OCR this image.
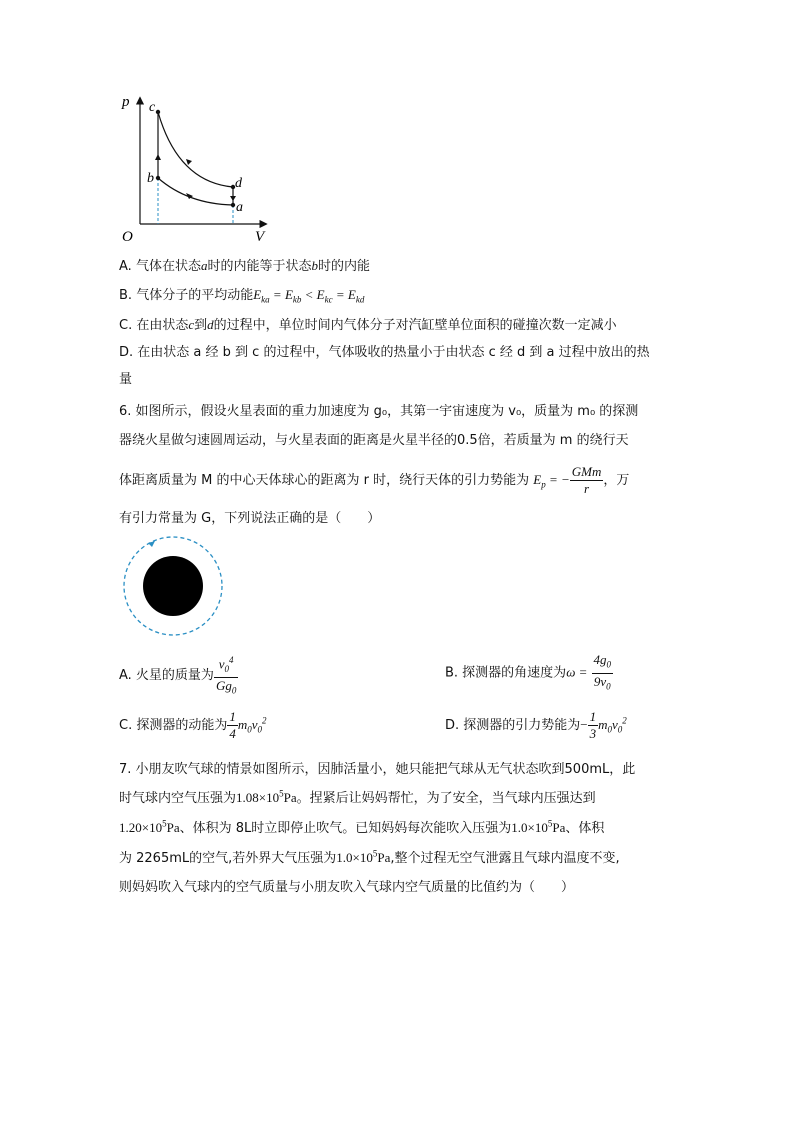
p
V
O
c
b	d
a
A. 气体在状态a时的内能等于状态b时的内能
B. 气体分子的平均动能$E_{ka} = E_{kb} < E_{kc} = E_{kd}$
C. 在由状态c到d的过程中，单位时间内气体分子对汽缸壁单位面积的碰撞次数一定减小
D. 在由状态 a 经 b 到 c 的过程中，气体吸收的热量小于由状态 c 经 d 到 a 过程中放出的热
量
6. 如图所示，假设火星表面的重力加速度为 g₀，其第一宇宙速度为 v₀，质量为 m₀ 的探测
器绕火星做匀速圆周运动，与火星表面的距离是火星半径的0.5倍，若质量为 m 的绕行天
体距离质量为 M 的中心天体球心的距离为 r 时，绕行天体的引力势能为 $E_p$ = − $\frac{\text{GMm}}{r}$ ，万
有引力常量为 G，下列说法正确的是（　　）
A. 火星的质量为 $\frac{v_0^4}{Gg_0}$	B. 探测器的角速度为$\omega = \frac{4g_0}{9v_0}$
C. 探测器的动能为 $\frac{1}{4} m_0v_0^2$	D. 探测器的引力势能为− $\frac{1}{3} m_0v_0^2$
7. 小朋友吹气球的情景如图所示，因肺活量小，她只能把气球从无气状态吹到500mL，此
时气球内空气压强为$1.08\times 10^5Pa$。捏紧后让妈妈帮忙，为了安全，当气球内压强达到
$1.20\times 10^5Pa$、体积为 8L时立即停止吹气。已知妈妈每次能吹入压强为$1.0\times 10^5Pa$、体积
为 2265mL的空气,若外界大气压强为$1.0\times 10^5Pa$,整个过程无空气泄露且气球内温度不变,
则妈妈吹入气球内的空气质量与小朋友吹入气球内空气质量的比值约为（　　）
